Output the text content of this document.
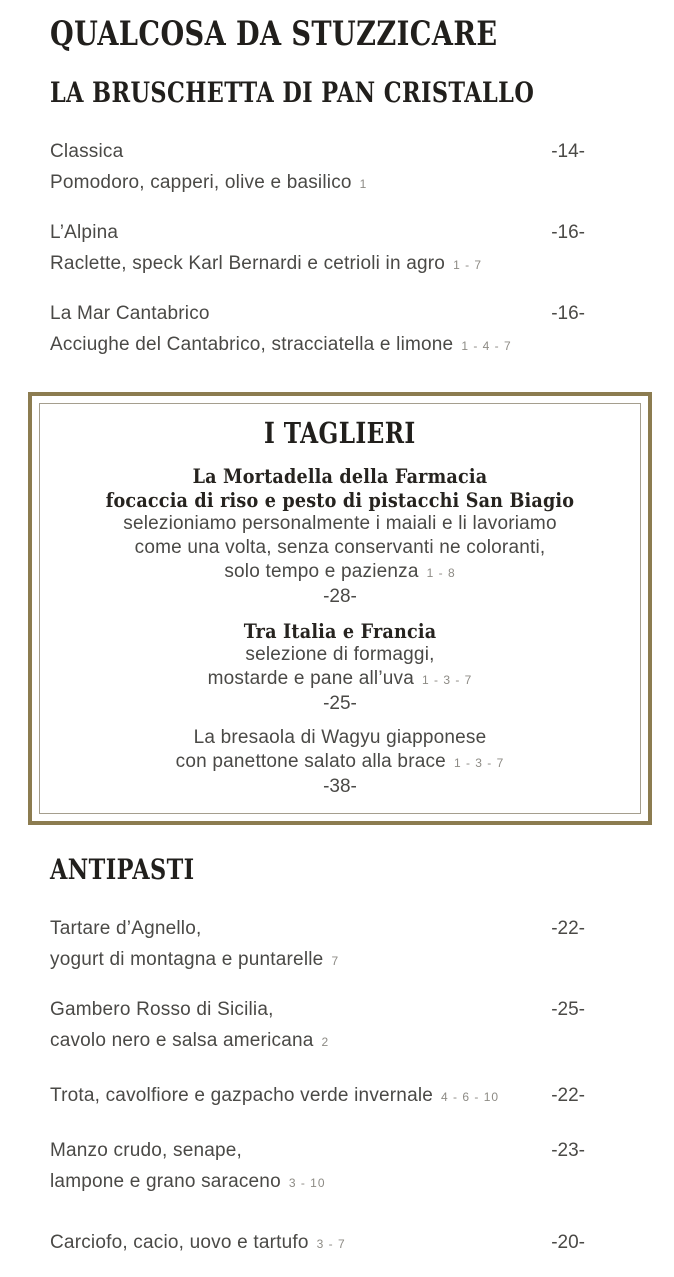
QUALCOSA DA STUZZICARE
LA BRUSCHETTA DI PAN CRISTALLO
Classica
Pomodoro, capperi, olive e basilico 1
-14-
L’Alpina
Raclette, speck Karl Bernardi e cetrioli in agro 1 - 7
-16-
La Mar Cantabrico
Acciughe del Cantabrico, stracciatella e limone 1 - 4 - 7
-16-
I TAGLIERI
La Mortadella della Farmacia
focaccia di riso e pesto di pistacchi San Biagio
selezioniamo personalmente i maiali e li lavoriamo
come una volta, senza conservanti ne coloranti,
solo tempo e pazienza 1 - 8
-28-
Tra Italia e Francia
selezione di formaggi,
mostarde e pane all’uva 1 - 3 - 7
-25-
La bresaola di Wagyu giapponese
con panettone salato alla brace 1 - 3 - 7
-38-
ANTIPASTI
Tartare d’Agnello,
yogurt di montagna e puntarelle 7
-22-
Gambero Rosso di Sicilia,
cavolo nero e salsa americana 2
-25-
Trota, cavolfiore e gazpacho verde invernale 4 - 6 - 10	-22-
Manzo crudo, senape,
lampone e grano saraceno 3 - 10
-23-
Carciofo, cacio, uovo e tartufo 3 - 7	-20-
